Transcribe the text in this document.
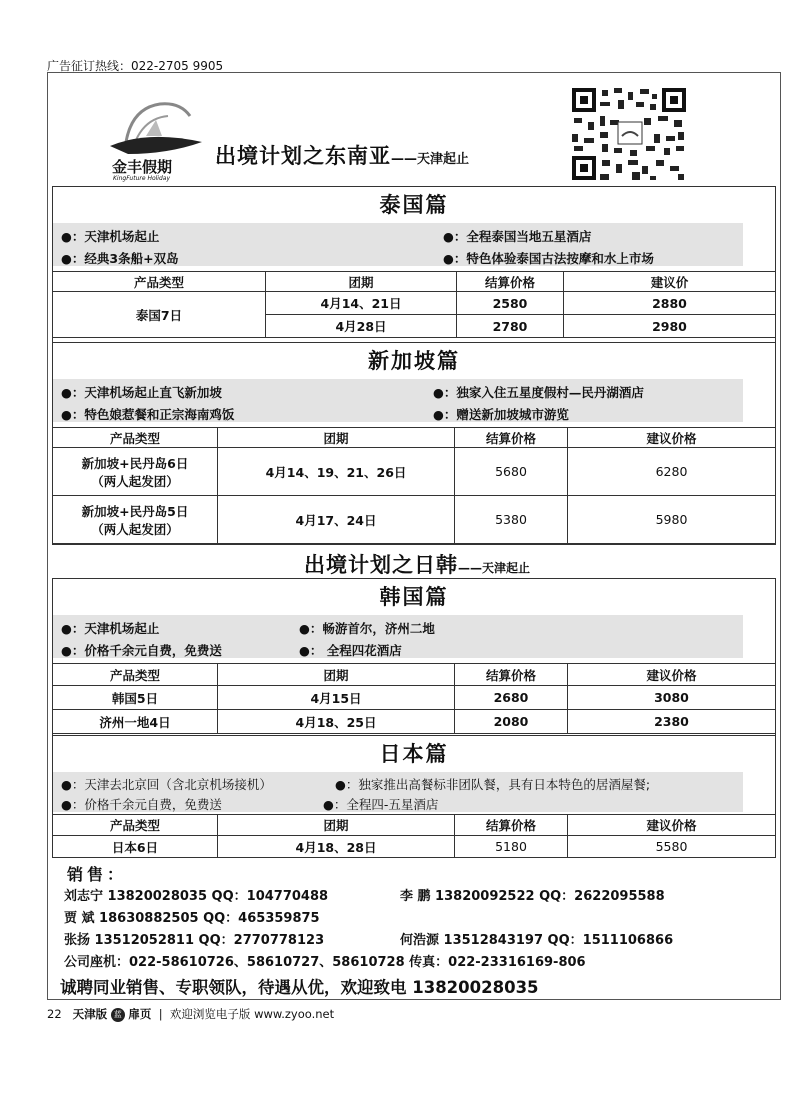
广告征订热线：022-2705 9905
金丰假期
KingFuture Holiday
出境计划之东南亚——天津起止
泰国篇
●：天津机场起止
●：经典3条船+双岛
●：全程泰国当地五星酒店
●：特色体验泰国古法按摩和水上市场
产品类型	团期	结算价格	建议价
泰国7日	4月14、21日	2580	2880
	4月28日	2780	2980
新加坡篇
●：天津机场起止直飞新加坡
●：特色娘惹餐和正宗海南鸡饭
●：独家入住五星度假村—民丹湖酒店
●：赠送新加坡城市游览
产品类型	团期	结算价格	建议价格

新加坡+民丹岛6日
（两人起发团）	4月14、19、21、26日	5680	6280

新加坡+民丹岛5日
（两人起发团）	4月17、24日	5380	5980
出境计划之日韩——天津起止
韩国篇
●：天津机场起止
●：价格千余元自费，免费送
●：畅游首尔，济州二地
●： 全程四花酒店
产品类型	团期	结算价格	建议价格
韩国5日	4月15日	2680	3080
济州一地4日	4月18、25日	2080	2380
日本篇
●：天津去北京回（含北京机场接机）
●：价格千余元自费，免费送
●：独家推出高餐标非团队餐，具有日本特色的居酒屋餐;
●：全程四-五星酒店
产品类型	团期	结算价格	建议价格
日本6日	4月18、28日	5180	5580
销售：
刘志宁 13820028035 QQ：104770488	李 鹏 13820092522 QQ：2622095588
贾 斌 18630882505 QQ：465359875
张扬 13512052811 QQ：2770778123	何浩源 13512843197 QQ：1511106866
公司座机：022-58610726、58610727、58610728 传真：022-23316169-806
诚聘同业销售、专职领队，待遇从优，欢迎致电 13820028035
22 天津版 蓝 扉页  |  欢迎浏览电子版 www.zyoo.net
